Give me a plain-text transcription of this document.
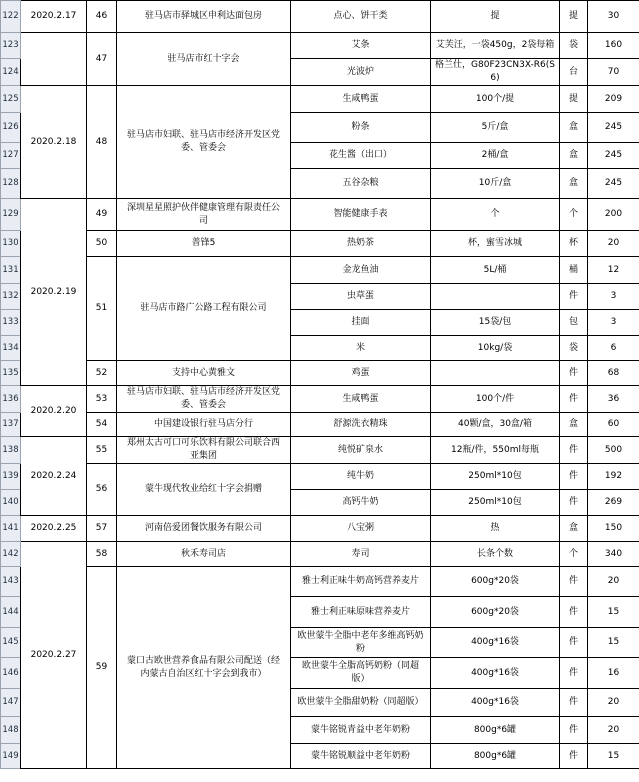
122	2020.2.17	46	驻马店市驿城区申利达面包房	点心、饼干类	提	提	30
123		47	驻马店市红十字会	艾条	艾芙汪，一袋450g，2袋每箱	袋	160
124				光波炉	格兰仕，G80F23CN3X-R6(S6)	台	70
125	2020.2.18	48	驻马店市妇联、驻马店市经济开发区党委、管委会	生咸鸭蛋	100个/提	提	209
126				粉条	5斤/盒	盒	245
127				花生酱（出口）	2桶/盒	盒	245
128				五谷杂粮	10斤/盒	盒	245
129	2020.2.19	49	深圳星星照护伙伴健康管理有限责任公司	智能健康手表	个	个	200
130		50	普锋5	热奶茶	杯，蜜雪冰城	杯	20
131		51	驻马店市路广公路工程有限公司	金龙鱼油	5L/桶	桶	12
132				虫草蛋		件	3
133				挂面	15袋/包	包	3
134				米	10kg/袋	袋	6
135		52	支持中心黄雅文	鸡蛋		件	68
136	2020.2.20	53	驻马店市妇联、驻马店市经济开发区党委、管委会	生咸鸭蛋	100个/件	件	36
137		54	中国建设银行驻马店分行	舒源洗衣精珠	40颗/盒，30盒/箱	盒	60
138	2020.2.24	55	郑州太古可口可乐饮料有限公司联合西亚集团	纯悦矿泉水	12瓶/件，550ml每瓶	件	500
139		56	蒙牛现代牧业给红十字会捐赠	纯牛奶	250ml*10包	件	192
140				高钙牛奶	250ml*10包	件	269
141	2020.2.25	57	河南倍爱团餐饮服务有限公司	八宝粥	热	盒	150
142	2020.2.27	58	秋禾寿司店	寿司	长条个数	个	340
143		59	蒙口古欧世营养食品有限公司配送（经内蒙古自治区红十字会到我市）	雅士利正味牛奶高钙营养麦片	600g*20袋	件	20
144				雅士利正味原味营养麦片	600g*20袋	件	15
145				欧世蒙牛全脂中老年多维高钙奶粉	400g*16袋	件	15
146				欧世蒙牛全脂高钙奶粉（同超版）	400g*16袋	件	16
147				欧世蒙牛全脂甜奶粉（同超版）	400g*16袋	件	20
148				蒙牛铭锐青益中老年奶粉	800g*6罐	件	20
149				蒙牛铭锐顺益中老年奶粉	800g*6罐	件	15
